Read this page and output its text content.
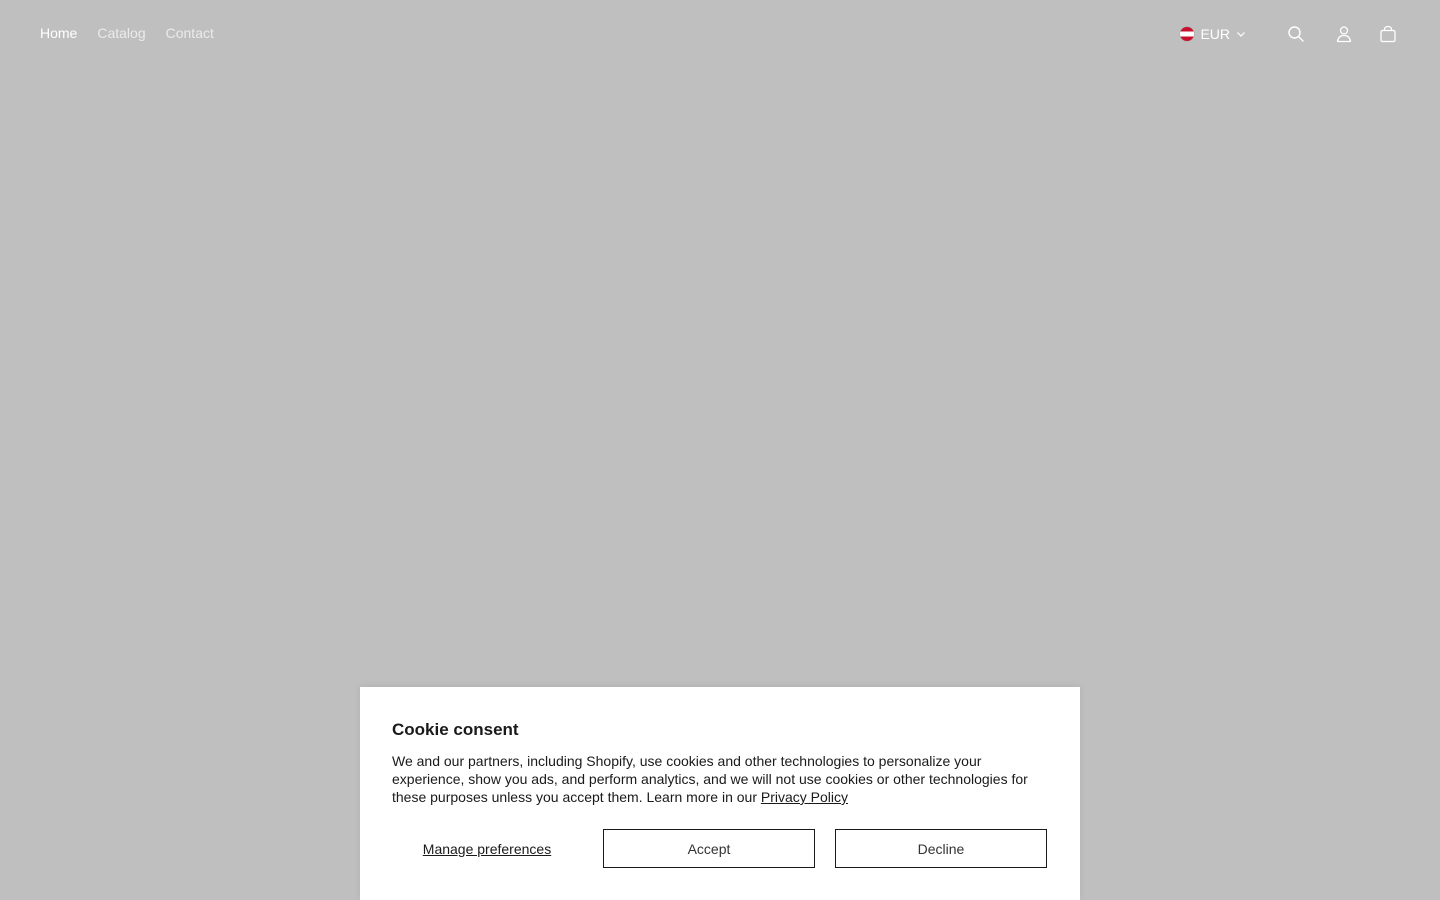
Home Catalog Contact	EUR
Cookie consent

We and our partners, including Shopify, use cookies and other technologies to personalize your experience, show you ads, and perform analytics, and we will not use cookies or other technologies for these purposes unless you accept them. Learn more in our Privacy Policy

Manage preferences	Accept	Decline
